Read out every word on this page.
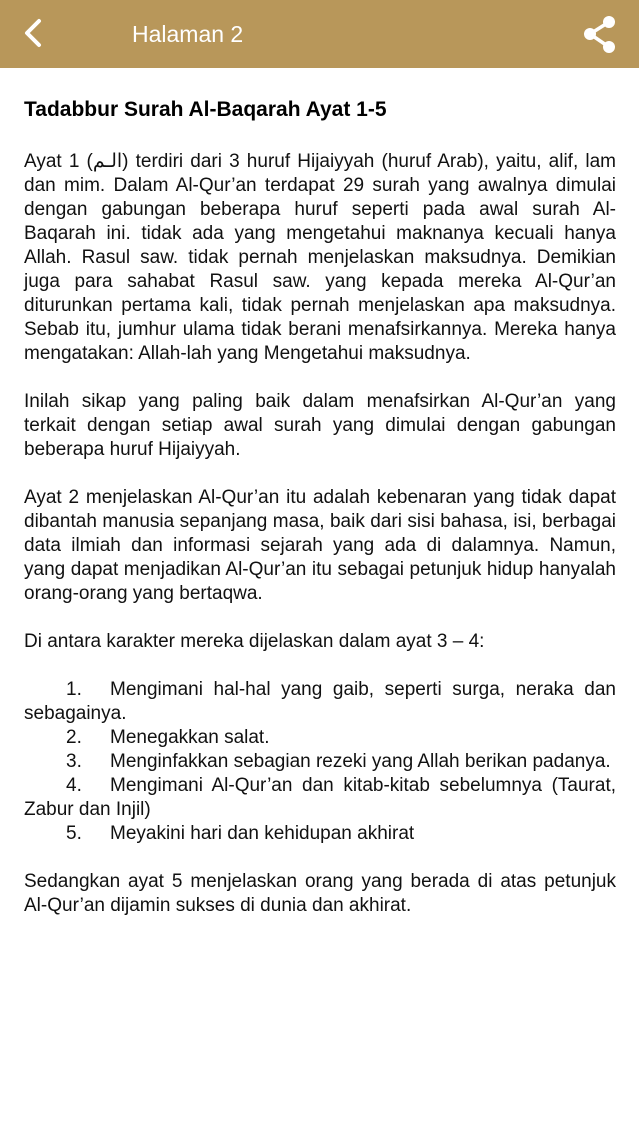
Halaman 2
Tadabbur Surah Al-Baqarah Ayat 1-5
Ayat 1 (الـم) terdiri dari 3 huruf Hijaiyyah (huruf Arab), yaitu, alif, lam dan mim. Dalam Al-Qur’an terdapat 29 surah yang awalnya dimulai dengan gabungan beberapa huruf seperti pada awal surah Al-Baqarah ini. tidak ada yang mengetahui maknanya kecuali hanya Allah. Rasul saw. tidak pernah menjelaskan maksudnya. Demikian juga para sahabat Rasul saw. yang kepada mereka Al-Qur’an diturunkan pertama kali, tidak pernah menjelaskan apa maksudnya. Sebab itu, jumhur ulama tidak berani menafsirkannya. Mereka hanya mengatakan: Allah-lah yang Mengetahui maksudnya.
Inilah sikap yang paling baik dalam menafsirkan Al-Qur’an yang terkait dengan setiap awal surah yang dimulai dengan gabungan beberapa huruf Hijaiyyah.
Ayat 2 menjelaskan Al-Qur’an itu adalah kebenaran yang tidak dapat dibantah manusia sepanjang masa, baik dari sisi bahasa, isi, berbagai data ilmiah dan informasi sejarah yang ada di dalamnya. Namun, yang dapat menjadikan Al-Qur’an itu sebagai petunjuk hidup hanyalah orang-orang yang bertaqwa.
Di antara karakter mereka dijelaskan dalam ayat 3 – 4:
1. Mengimani hal-hal yang gaib, seperti surga, neraka dan sebagainya.
2. Menegakkan salat.
3. Menginfakkan sebagian rezeki yang Allah berikan padanya.
4. Mengimani Al-Qur’an dan kitab-kitab sebelumnya (Taurat, Zabur dan Injil)
5. Meyakini hari dan kehidupan akhirat
Sedangkan ayat 5 menjelaskan orang yang berada di atas petunjuk Al-Qur’an dijamin sukses di dunia dan akhirat.
